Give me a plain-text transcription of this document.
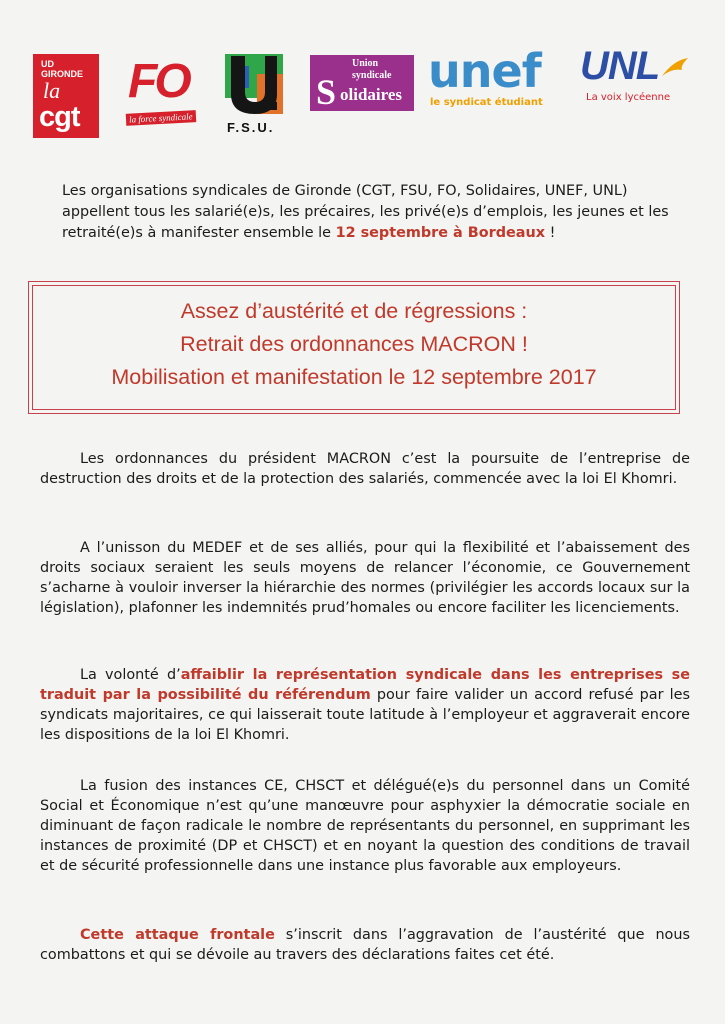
UD
GIRONDE
la
cgt
FO
la force syndicale
F.S.U.
Union
syndicale
S olidaires unef
le syndicat étudiant
UNL
La voix lycéenne
Les organisations syndicales de Gironde (CGT, FSU, FO, Solidaires, UNEF, UNL) appellent tous les salarié(e)s, les précaires, les privé(e)s d’emplois, les jeunes et les retraité(e)s à manifester ensemble le 12 septembre à Bordeaux !
Assez d’austérité et de régressions :
Retrait des ordonnances MACRON !
Mobilisation et manifestation le 12 septembre 2017
Les ordonnances du président MACRON c’est la poursuite de l’entreprise de destruction des droits et de la protection des salariés, commencée avec la loi El Khomri.
A l’unisson du MEDEF et de ses alliés, pour qui la flexibilité et l’abaissement des droits sociaux seraient les seuls moyens de relancer l’économie, ce Gouvernement s’acharne à vouloir inverser la hiérarchie des normes (privilégier les accords locaux sur la législation), plafonner les indemnités prud’homales ou encore faciliter les licenciements.
La volonté d’affaiblir la représentation syndicale dans les entreprises se traduit par la possibilité du référendum pour faire valider un accord refusé par les syndicats majoritaires, ce qui laisserait toute latitude à l’employeur et aggraverait encore les dispositions de la loi El Khomri.
La fusion des instances CE, CHSCT et délégué(e)s du personnel dans un Comité Social et Économique n’est qu’une manœuvre pour asphyxier la démocratie sociale en diminuant de façon radicale le nombre de représentants du personnel, en supprimant les instances de proximité (DP et CHSCT) et en noyant la question des conditions de travail et de sécurité professionnelle dans une instance plus favorable aux employeurs.
Cette attaque frontale s’inscrit dans l’aggravation de l’austérité que nous combattons et qui se dévoile au travers des déclarations faites cet été.
